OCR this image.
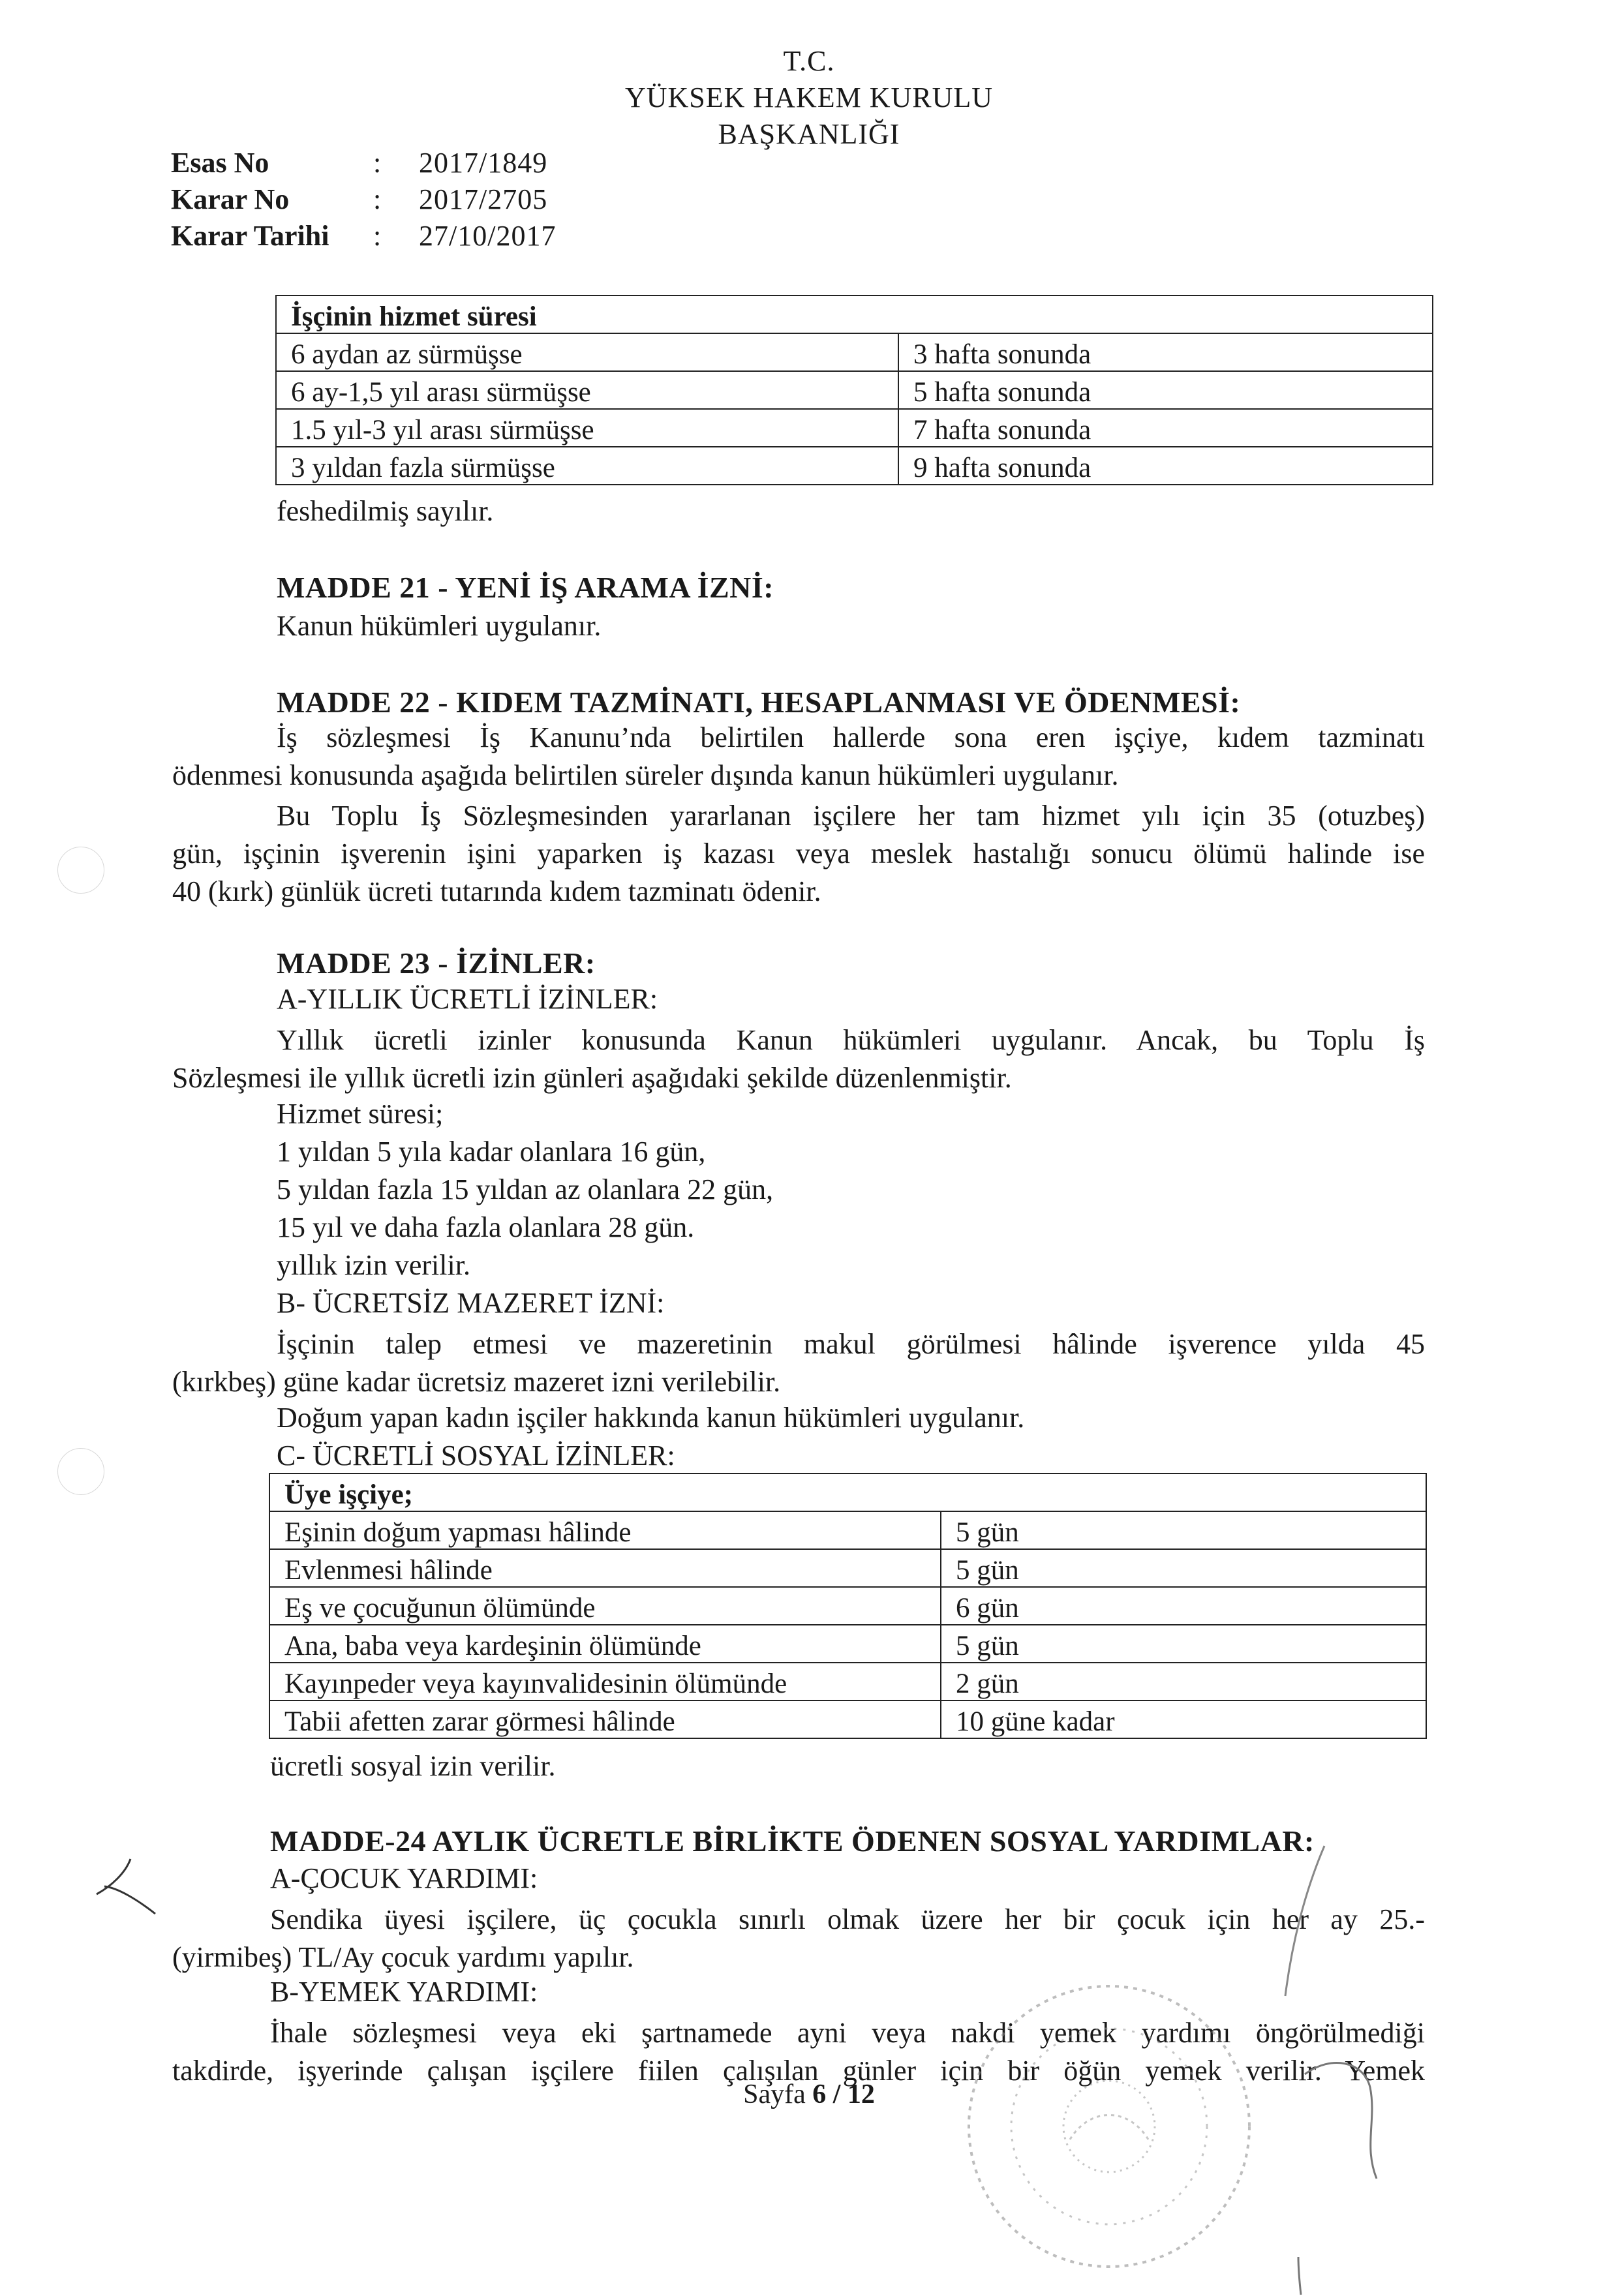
T.C.
YÜKSEK HAKEM KURULU
BAŞKANLIĞI
Esas No	: 2017/1849
Karar No	: 2017/2705
Karar Tarihi : 27/10/2017
İşçinin hizmet süresi	
6 aydan az sürmüşse	3 hafta sonunda
6 ay-1,5 yıl arası sürmüşse	5 hafta sonunda
1.5 yıl-3 yıl arası sürmüşse	7 hafta sonunda
3 yıldan fazla sürmüşse	9 hafta sonunda
feshedilmiş sayılır.
MADDE 21 - YENİ İŞ ARAMA İZNİ:
Kanun hükümleri uygulanır.
MADDE 22 - KIDEM TAZMİNATI, HESAPLANMASI VE ÖDENMESİ:
İş sözleşmesi İş Kanunu’nda belirtilen hallerde sona eren işçiye, kıdem tazminatı
ödenmesi konusunda aşağıda belirtilen süreler dışında kanun hükümleri uygulanır.
Bu Toplu İş Sözleşmesinden yararlanan işçilere her tam hizmet yılı için 35 (otuzbeş)
gün, işçinin işverenin işini yaparken iş kazası veya meslek hastalığı sonucu ölümü halinde ise
40 (kırk) günlük ücreti tutarında kıdem tazminatı ödenir.
MADDE 23 - İZİNLER:
A-YILLIK ÜCRETLİ İZİNLER:
Yıllık ücretli izinler konusunda Kanun hükümleri uygulanır. Ancak, bu Toplu İş
Sözleşmesi ile yıllık ücretli izin günleri aşağıdaki şekilde düzenlenmiştir.
Hizmet süresi;
1 yıldan 5 yıla kadar olanlara 16 gün,
5 yıldan fazla 15 yıldan az olanlara 22 gün,
15 yıl ve daha fazla olanlara 28 gün.
yıllık izin verilir.
B- ÜCRETSİZ MAZERET İZNİ:
İşçinin talep etmesi ve mazeretinin makul görülmesi hâlinde işverence yılda 45
(kırkbeş) güne kadar ücretsiz mazeret izni verilebilir.
Doğum yapan kadın işçiler hakkında kanun hükümleri uygulanır.
C- ÜCRETLİ SOSYAL İZİNLER:
Üye işçiye;	
Eşinin doğum yapması hâlinde	5 gün
Evlenmesi hâlinde	5 gün
Eş ve çocuğunun ölümünde	6 gün
Ana, baba veya kardeşinin ölümünde	5 gün
Kayınpeder veya kayınvalidesinin ölümünde	2 gün
Tabii afetten zarar görmesi hâlinde	10 güne kadar
ücretli sosyal izin verilir.
MADDE-24 AYLIK ÜCRETLE BİRLİKTE ÖDENEN SOSYAL YARDIMLAR:
A-ÇOCUK YARDIMI:
Sendika üyesi işçilere, üç çocukla sınırlı olmak üzere her bir çocuk için her ay 25.-
(yirmibeş) TL/Ay çocuk yardımı yapılır.
B-YEMEK YARDIMI:
İhale sözleşmesi veya eki şartnamede ayni veya nakdi yemek yardımı öngörülmediği
takdirde, işyerinde çalışan işçilere fiilen çalışılan günler için bir öğün yemek verilir. Yemek
Sayfa 6 / 12
